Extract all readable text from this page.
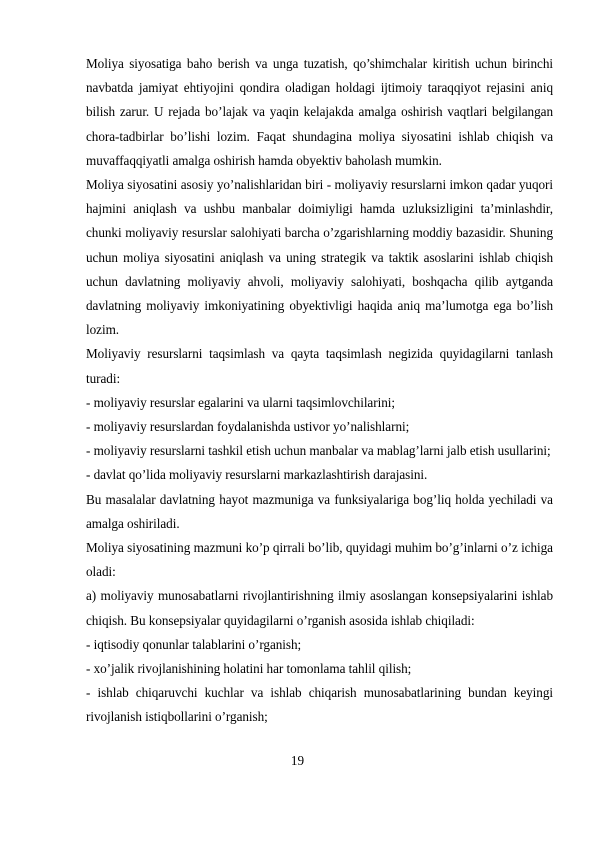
Moliya siyosatiga baho berish va unga tuzatish, qo’shimchalar kiritish uchun birinchi navbatda jamiyat ehtiyojini qondira oladigan holdagi ijtimoiy taraqqiyot rejasini aniq bilish zarur. U rejada bo’lajak va yaqin kelajakda amalga oshirish vaqtlari belgilangan chora-tadbirlar bo’lishi lozim. Faqat shundagina moliya siyosatini ishlab chiqish va muvaffaqqiyatli amalga oshirish hamda obyektiv baholash mumkin.

Moliya siyosatini asosiy yo’nalishlaridan biri - moliyaviy resurslarni imkon qadar yuqori hajmini aniqlash va ushbu manbalar doimiyligi hamda uzluksizligini ta’minlashdir, chunki moliyaviy resurslar salohiyati barcha o’zgarishlarning moddiy bazasidir. Shuning uchun moliya siyosatini aniqlash va uning strategik va taktik asoslarini ishlab chiqish uchun davlatning moliyaviy ahvoli, moliyaviy salohiyati, boshqacha qilib aytganda davlatning moliyaviy imkoniyatining obyektivligi haqida aniq ma’lumotga ega bo’lish lozim.

Moliyaviy resurslarni taqsimlash va qayta taqsimlash negizida quyidagilarni tanlash turadi:

- moliyaviy resurslar egalarini va ularni taqsimlovchilarini;

- moliyaviy resurslardan foydalanishda ustivor yo’nalishlarni;

- moliyaviy resurslarni tashkil etish uchun manbalar va mablag’larni jalb etish usullarini;

- davlat qo’lida moliyaviy resurslarni markazlashtirish darajasini.

Bu masalalar davlatning hayot mazmuniga va funksiyalariga bog’liq holda yechiladi va amalga oshiriladi.

Moliya siyosatining mazmuni ko’p qirrali bo’lib, quyidagi muhim bo’g’inlarni o’z ichiga oladi:

a) moliyaviy munosabatlarni rivojlantirishning ilmiy asoslangan konsepsiyalarini ishlab chiqish. Bu konsepsiyalar quyidagilarni o’rganish asosida ishlab chiqiladi:

- iqtisodiy qonunlar talablarini o’rganish;

- xo’jalik rivojlanishining holatini har tomonlama tahlil qilish;

- ishlab chiqaruvchi kuchlar va ishlab chiqarish munosabatlarining bundan keyingi rivojlanish istiqbollarini o’rganish;

19
